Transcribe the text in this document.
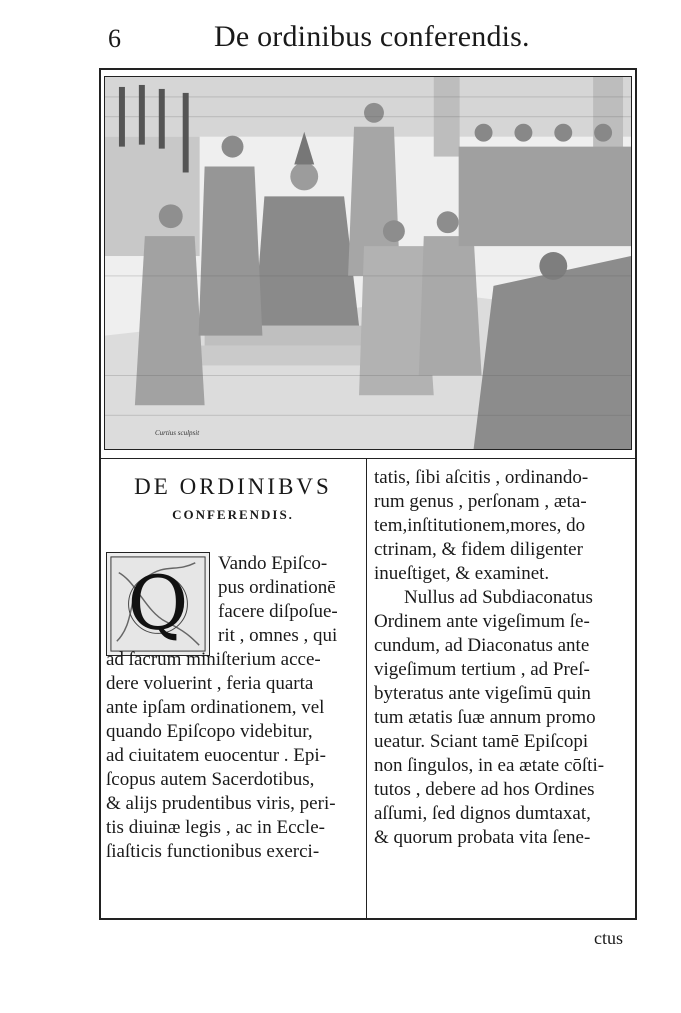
6	De ordinibus conferendis.
Curtius sculpsit
DE ORDINIBVS
CONFERENDIS.
Q	Vando Epiſco-
pus ordinationē
facere diſpoſue-
rit , omnes , qui
ad ſacrum miniſterium acce-
dere voluerint , feria quarta
ante ipſam ordinationem, vel
quando Epiſcopo videbitur,
ad ciuitatem euocentur . Epi-
ſcopus autem Sacerdotibus,
& alijs prudentibus viris, peri-
tis diuinæ legis , ac in Eccle-
ſiaſticis functionibus exerci-
tatis, ſibi aſcitis , ordinando-
rum genus , perſonam , æta-
tem,inſtitutionem,mores, do
ctrinam, & fidem diligenter
inueſtiget, & examinet.
Nullus ad Subdiaconatus
Ordinem ante vigeſimum ſe-
cundum, ad Diaconatus ante
vigeſimum tertium , ad Preſ-
byteratus ante vigeſimū quin
tum ætatis ſuæ annum promo
ueatur. Sciant tamē Epiſcopi
non ſingulos, in ea ætate cōſti-
tutos , debere ad hos Ordines
aſſumi, ſed dignos dumtaxat,
& quorum probata vita ſene-
ctus
